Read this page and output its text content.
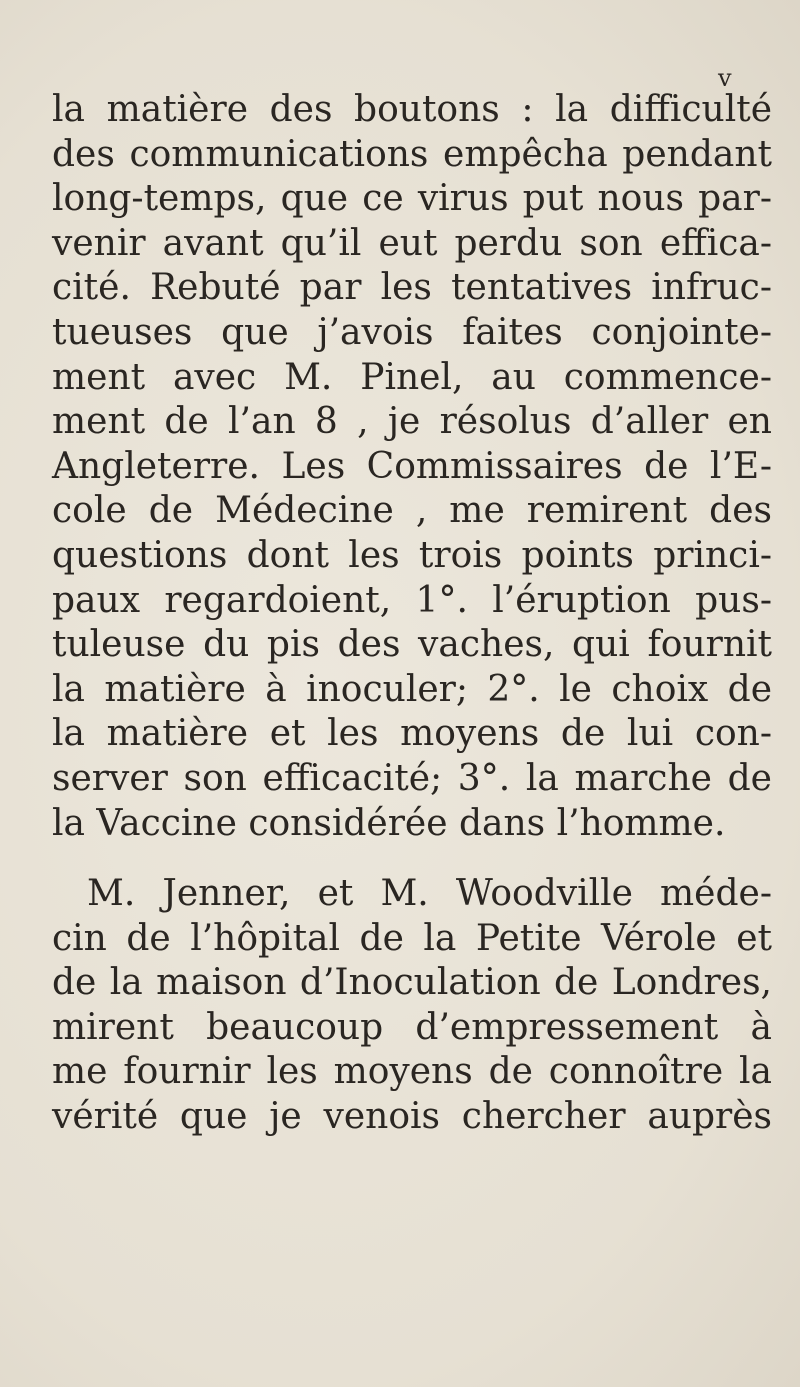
v
la matière des boutons : la difficulté
des communications empêcha pendant
long-temps, que ce virus put nous par-
venir avant qu’il eut perdu son effica-
cité. Rebuté par les tentatives infruc-
tueuses que j’avois faites conjointe-
ment avec M. Pinel, au commence-
ment de l’an 8 , je résolus d’aller en
Angleterre. Les Commissaires de l’E-
cole de Médecine , me remirent des
questions dont les trois points princi-
paux regardoient, 1°. l’éruption pus-
tuleuse du pis des vaches, qui fournit
la matière à inoculer; 2°. le choix de
la matière et les moyens de lui con-
server son efficacité; 3°. la marche de
la Vaccine considérée dans l’homme.
M. Jenner, et M. Woodville méde-
cin de l’hôpital de la Petite Vérole et
de la maison d’Inoculation de Londres,
mirent beaucoup d’empressement à
me fournir les moyens de connoître la
vérité que je venois chercher auprès
